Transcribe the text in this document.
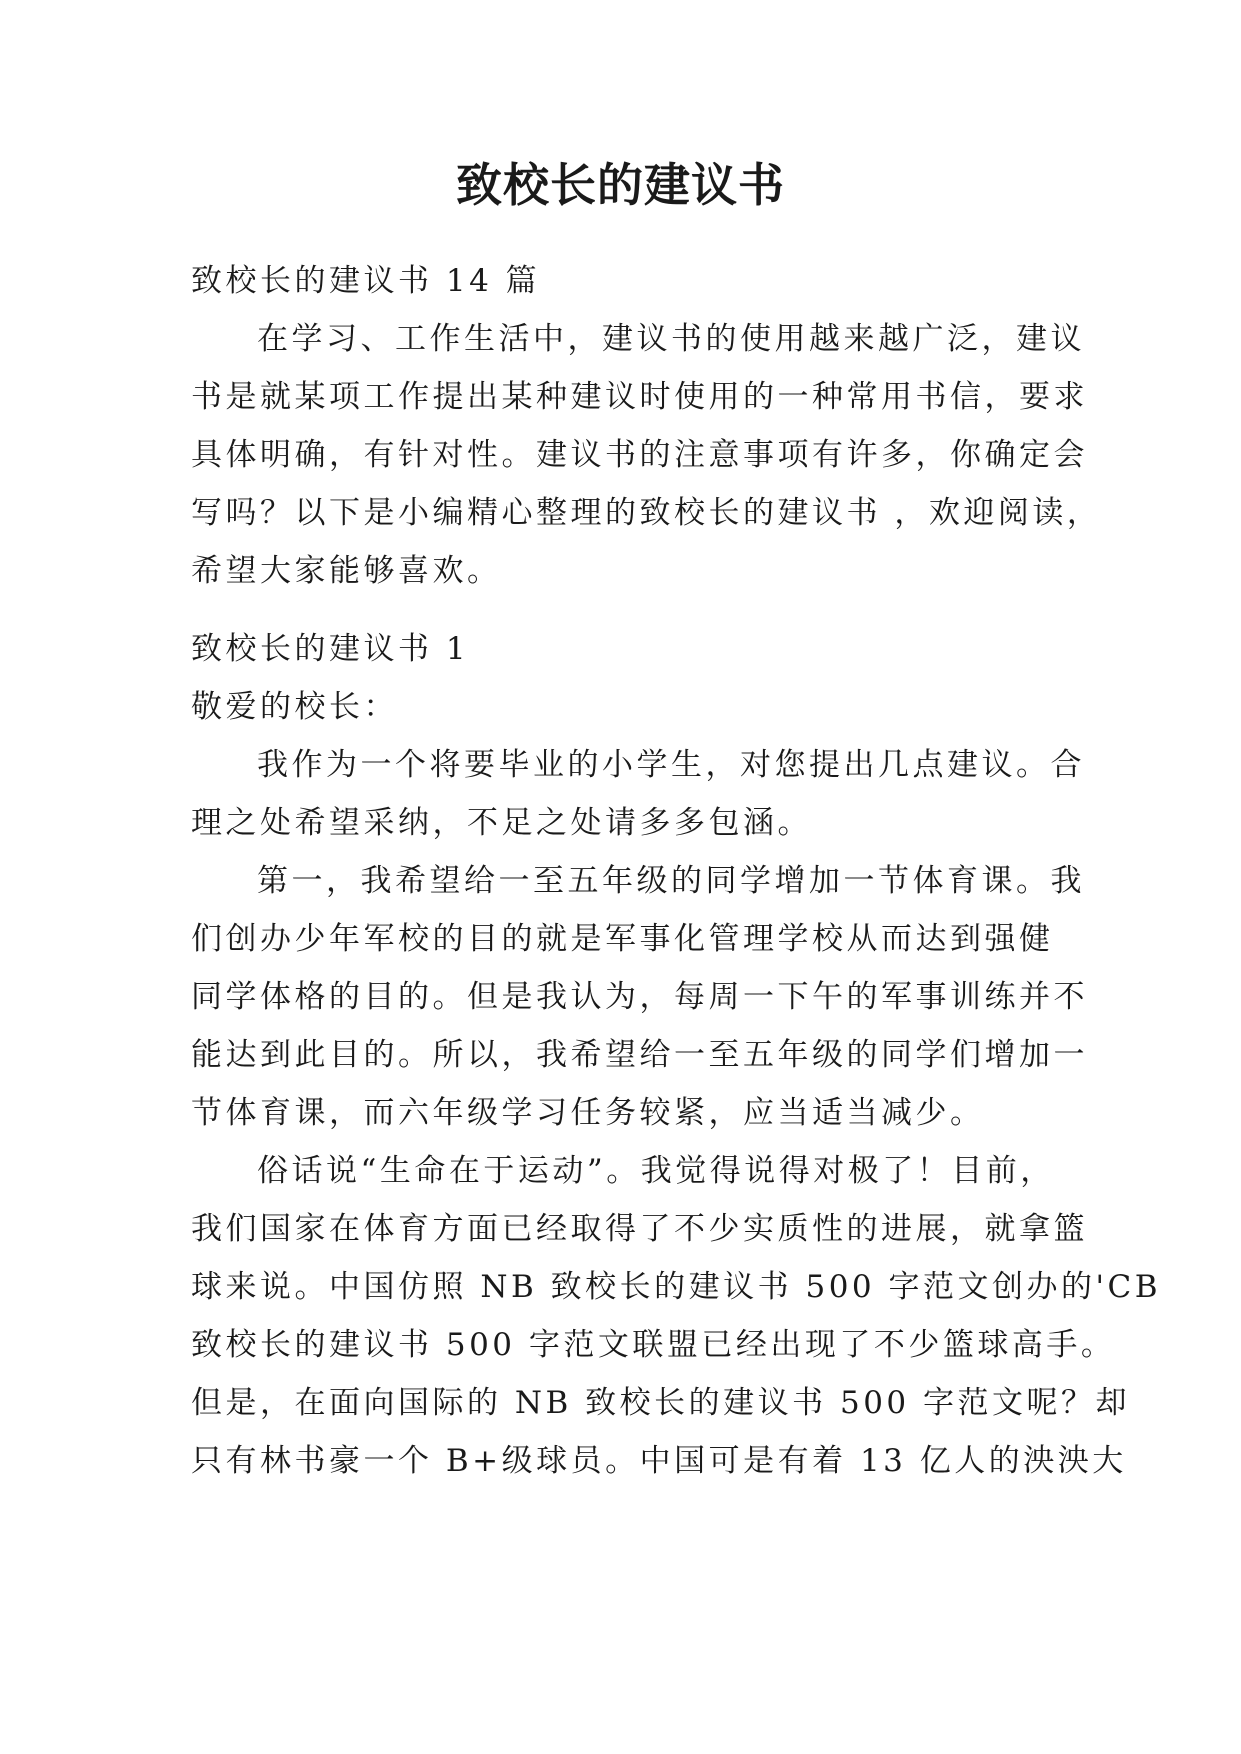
致校长的建议书
致校长的建议书 14 篇
在学习、工作生活中，建议书的使用越来越广泛，建议
书是就某项工作提出某种建议时使用的一种常用书信，要求
具体明确，有针对性。建议书的注意事项有许多，你确定会
写吗？以下是小编精心整理的致校长的建议书 ，欢迎阅读，
希望大家能够喜欢。
致校长的建议书 1
敬爱的校长：
我作为一个将要毕业的小学生，对您提出几点建议。合
理之处希望采纳，不足之处请多多包涵。
第一，我希望给一至五年级的同学增加一节体育课。我
们创办少年军校的目的就是军事化管理学校从而达到强健
同学体格的目的。但是我认为，每周一下午的军事训练并不
能达到此目的。所以，我希望给一至五年级的同学们增加一
节体育课，而六年级学习任务较紧，应当适当减少。
俗话说“生命在于运动”。我觉得说得对极了！目前，
我们国家在体育方面已经取得了不少实质性的进展，就拿篮
球来说。中国仿照 NB 致校长的建议书 500 字范文创办的'CB
致校长的建议书 500 字范文联盟已经出现了不少篮球高手。
但是，在面向国际的 NB 致校长的建议书 500 字范文呢？却
只有林书豪一个 B+级球员。中国可是有着 13 亿人的泱泱大
